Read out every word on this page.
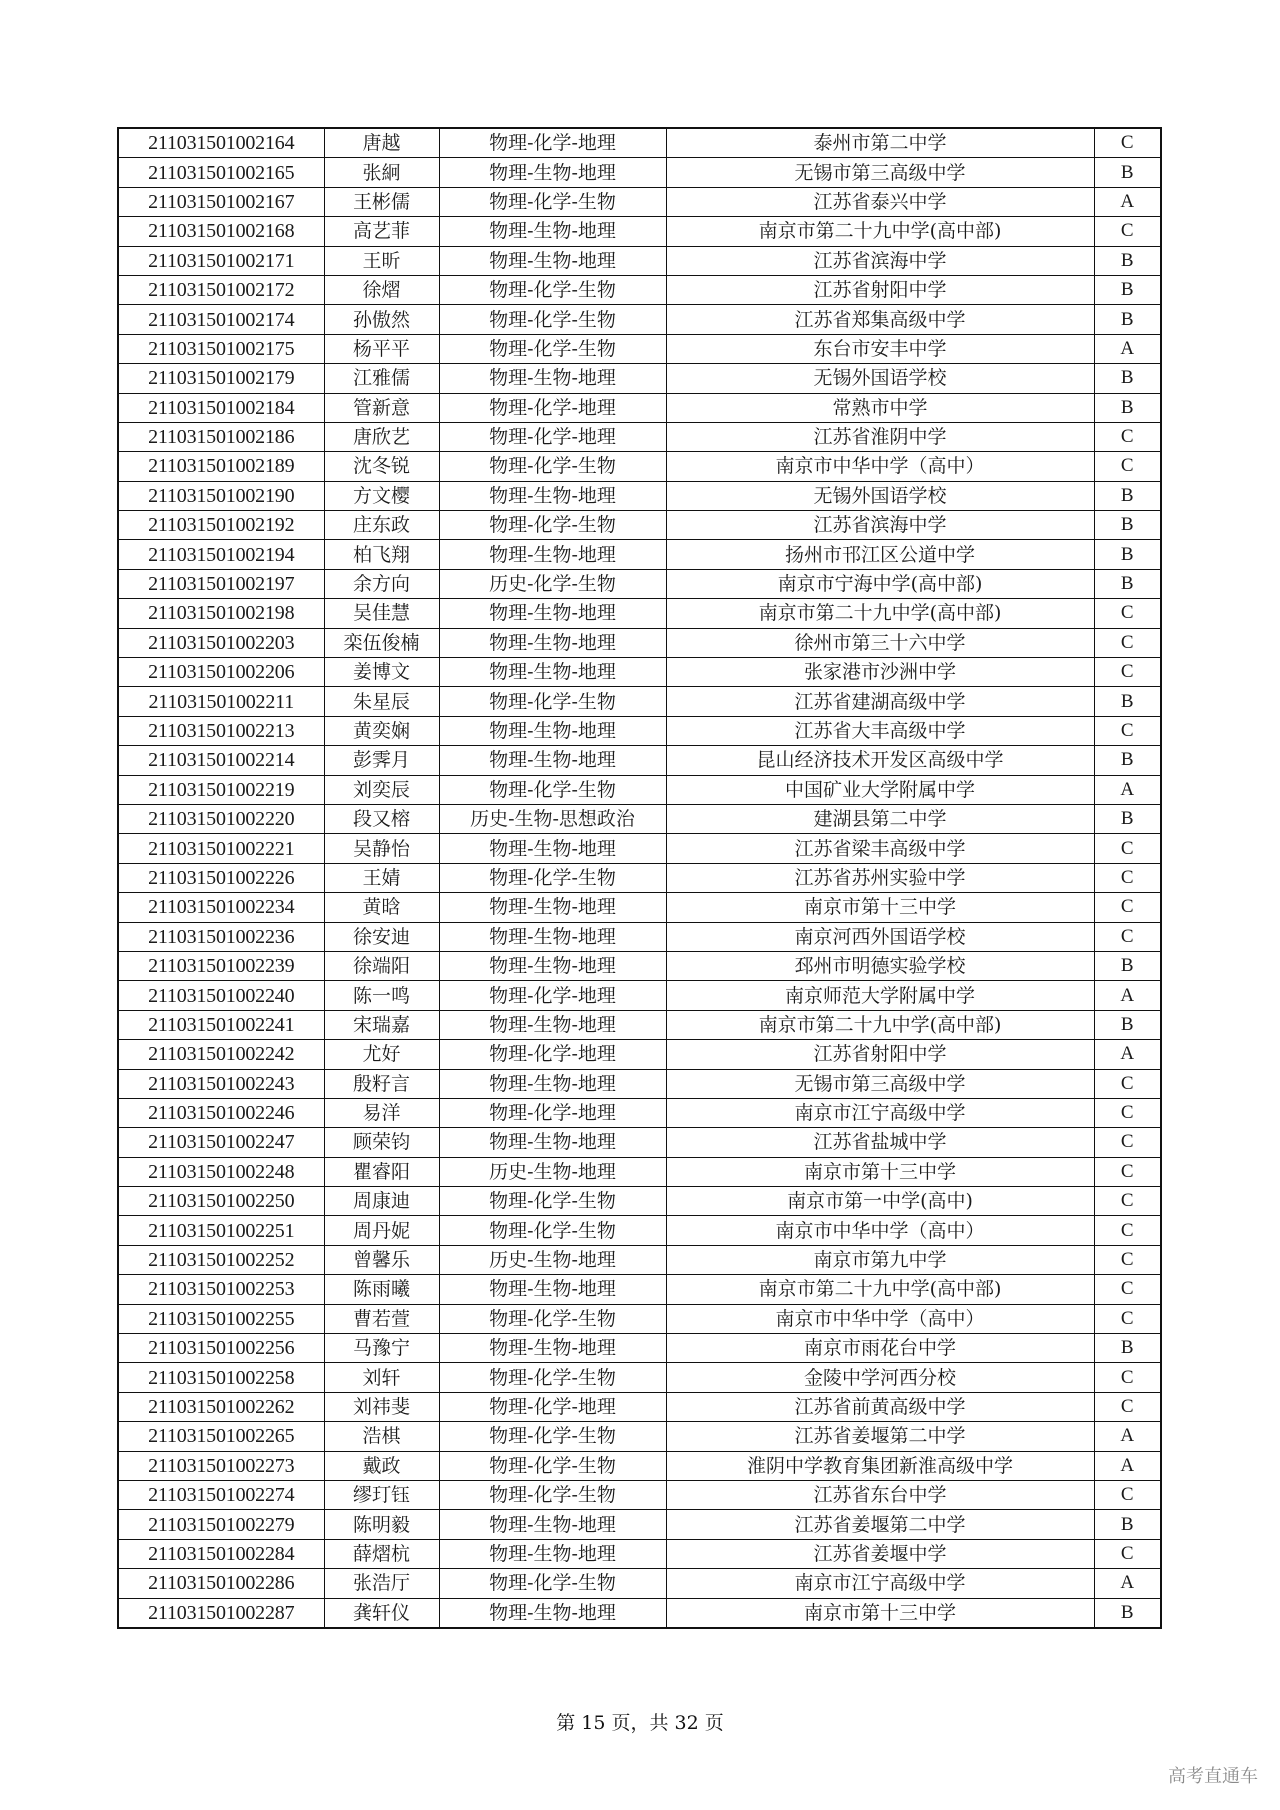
211031501002164	唐越	物理-化学-地理	泰州市第二中学	C
211031501002165	张絅	物理-生物-地理	无锡市第三高级中学	B
211031501002167	王彬儒	物理-化学-生物	江苏省泰兴中学	A
211031501002168	高艺菲	物理-生物-地理	南京市第二十九中学(高中部)	C
211031501002171	王昕	物理-生物-地理	江苏省滨海中学	B
211031501002172	徐熠	物理-化学-生物	江苏省射阳中学	B
211031501002174	孙傲然	物理-化学-生物	江苏省郑集高级中学	B
211031501002175	杨平平	物理-化学-生物	东台市安丰中学	A
211031501002179	江雅儒	物理-生物-地理	无锡外国语学校	B
211031501002184	管新意	物理-化学-地理	常熟市中学	B
211031501002186	唐欣艺	物理-化学-地理	江苏省淮阴中学	C
211031501002189	沈冬锐	物理-化学-生物	南京市中华中学（高中）	C
211031501002190	方文樱	物理-生物-地理	无锡外国语学校	B
211031501002192	庄东政	物理-化学-生物	江苏省滨海中学	B
211031501002194	柏飞翔	物理-生物-地理	扬州市邗江区公道中学	B
211031501002197	余方向	历史-化学-生物	南京市宁海中学(高中部)	B
211031501002198	吴佳慧	物理-生物-地理	南京市第二十九中学(高中部)	C
211031501002203	栾伍俊楠	物理-生物-地理	徐州市第三十六中学	C
211031501002206	姜博文	物理-生物-地理	张家港市沙洲中学	C
211031501002211	朱星辰	物理-化学-生物	江苏省建湖高级中学	B
211031501002213	黄奕娴	物理-生物-地理	江苏省大丰高级中学	C
211031501002214	彭霁月	物理-生物-地理	昆山经济技术开发区高级中学	B
211031501002219	刘奕辰	物理-化学-生物	中国矿业大学附属中学	A
211031501002220	段又榕	历史-生物-思想政治	建湖县第二中学	B
211031501002221	吴静怡	物理-生物-地理	江苏省梁丰高级中学	C
211031501002226	王婧	物理-化学-生物	江苏省苏州实验中学	C
211031501002234	黄晗	物理-生物-地理	南京市第十三中学	C
211031501002236	徐安迪	物理-生物-地理	南京河西外国语学校	C
211031501002239	徐端阳	物理-生物-地理	邳州市明德实验学校	B
211031501002240	陈一鸣	物理-化学-地理	南京师范大学附属中学	A
211031501002241	宋瑞嘉	物理-生物-地理	南京市第二十九中学(高中部)	B
211031501002242	尤好	物理-化学-地理	江苏省射阳中学	A
211031501002243	殷籽言	物理-生物-地理	无锡市第三高级中学	C
211031501002246	易洋	物理-化学-地理	南京市江宁高级中学	C
211031501002247	顾荣钧	物理-生物-地理	江苏省盐城中学	C
211031501002248	瞿睿阳	历史-生物-地理	南京市第十三中学	C
211031501002250	周康迪	物理-化学-生物	南京市第一中学(高中)	C
211031501002251	周丹妮	物理-化学-生物	南京市中华中学（高中）	C
211031501002252	曾馨乐	历史-生物-地理	南京市第九中学	C
211031501002253	陈雨曦	物理-生物-地理	南京市第二十九中学(高中部)	C
211031501002255	曹若萱	物理-化学-生物	南京市中华中学（高中）	C
211031501002256	马豫宁	物理-生物-地理	南京市雨花台中学	B
211031501002258	刘轩	物理-化学-生物	金陵中学河西分校	C
211031501002262	刘祎斐	物理-化学-地理	江苏省前黄高级中学	C
211031501002265	浩棋	物理-化学-生物	江苏省姜堰第二中学	A
211031501002273	戴政	物理-化学-生物	淮阴中学教育集团新淮高级中学	A
211031501002274	缪玎钰	物理-化学-生物	江苏省东台中学	C
211031501002279	陈明毅	物理-生物-地理	江苏省姜堰第二中学	B
211031501002284	薛熠杭	物理-生物-地理	江苏省姜堰中学	C
211031501002286	张浩厅	物理-化学-生物	南京市江宁高级中学	A
211031501002287	龚轩仪	物理-生物-地理	南京市第十三中学	B
第 15 页，共 32 页
高考直通车
